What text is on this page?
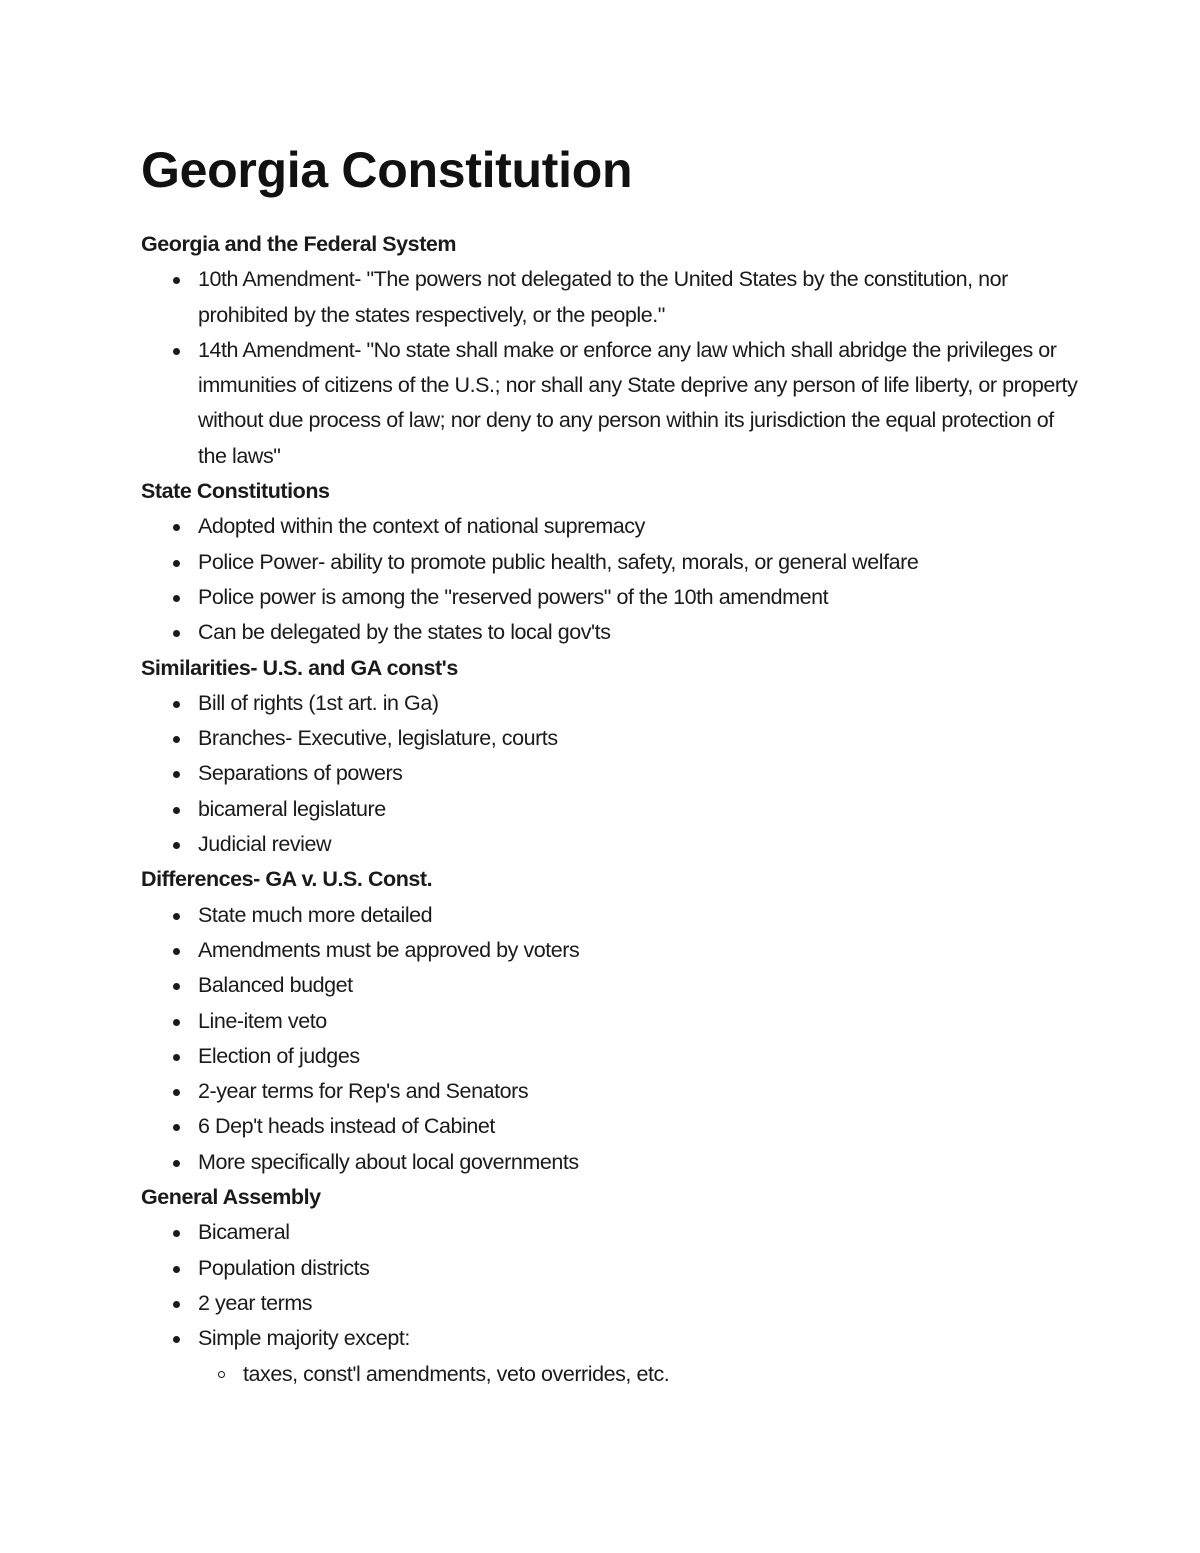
Georgia Constitution
Georgia and the Federal System
10th Amendment- "The powers not delegated to the United States by the constitution, nor prohibited by the states respectively, or the people."
14th Amendment- "No state shall make or enforce any law which shall abridge the privileges or immunities of citizens of the U.S.; nor shall any State deprive any person of life liberty, or property without due process of law; nor deny to any person within its jurisdiction the equal protection of the laws"
State Constitutions
Adopted within the context of national supremacy
Police Power- ability to promote public health, safety, morals, or general welfare
Police power is among the "reserved powers" of the 10th amendment
Can be delegated by the states to local gov'ts
Similarities- U.S. and GA const's
Bill of rights (1st art. in Ga)
Branches- Executive, legislature, courts
Separations of powers
bicameral legislature
Judicial review
Differences- GA v. U.S. Const.
State much more detailed
Amendments must be approved by voters
Balanced budget
Line-item veto
Election of judges
2-year terms for Rep's and Senators
6 Dep't heads instead of Cabinet
More specifically about local governments
General Assembly
Bicameral
Population districts
2 year terms
Simple majority except:
taxes, const'l amendments, veto overrides, etc.
